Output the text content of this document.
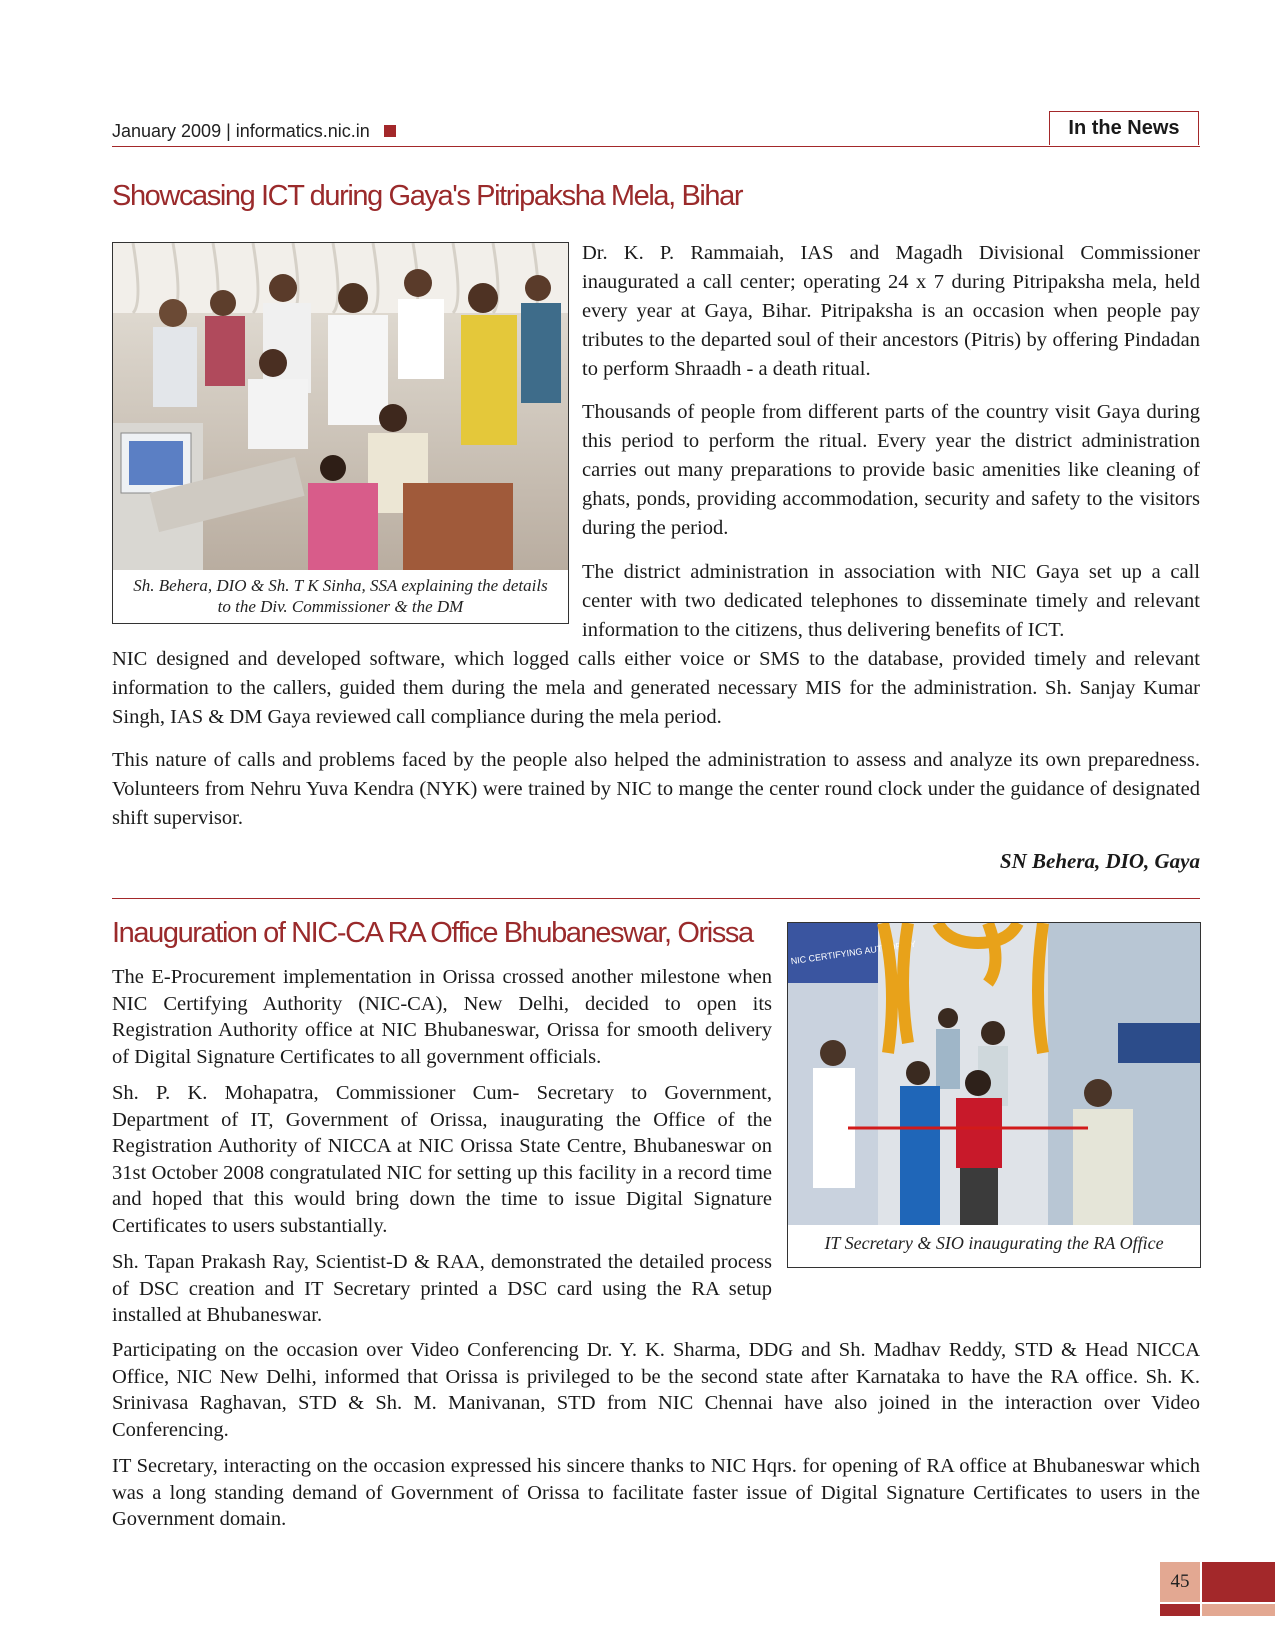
January 2009 | informatics.nic.in	In the News
Showcasing ICT during Gaya's Pitripaksha Mela, Bihar
Sh. Behera, DIO & Sh. T K Sinha, SSA explaining the details to the Div. Commissioner & the DM

Dr. K. P. Rammaiah, IAS and Magadh Divisional Commissioner inaugurated a call center; operating 24 x 7 during Pitripaksha mela, held every year at Gaya, Bihar. Pitripaksha is an occasion when people pay tributes to the departed soul of their ancestors (Pitris) by offering Pindadan to perform Shraadh - a death ritual.

Thousands of people from different parts of the country visit Gaya during this period to perform the ritual. Every year the district administration carries out many preparations to provide basic amenities like cleaning of ghats, ponds, providing accommodation, security and safety to the visitors during the period.

The district administration in association with NIC Gaya set up a call center with two dedicated telephones to disseminate timely and relevant information to the citizens, thus delivering benefits of ICT.

NIC designed and developed software, which logged calls either voice or SMS to the database, provided timely and relevant information to the callers, guided them during the mela and generated necessary MIS for the administration. Sh. Sanjay Kumar Singh, IAS & DM Gaya reviewed call compliance during the mela period.

This nature of calls and problems faced by the people also helped the administration to assess and analyze its own preparedness. Volunteers from Nehru Yuva Kendra (NYK) were trained by NIC to mange the center round clock under the guidance of designated shift supervisor.

SN Behera, DIO, Gaya
Inauguration of NIC-CA RA Office Bhubaneswar, Orissa
NIC CERTIFYING AUTHORITY
IT Secretary & SIO inaugurating the RA Office

The E-Procurement implementation in Orissa crossed another milestone when NIC Certifying Authority (NIC-CA), New Delhi, decided to open its Registration Authority office at NIC Bhubaneswar, Orissa for smooth delivery of Digital Signature Certificates to all government officials.

Sh. P. K. Mohapatra, Commissioner Cum- Secretary to Government, Department of IT, Government of Orissa, inaugurating the Office of the Registration Authority of NICCA at NIC Orissa State Centre, Bhubaneswar on 31st October 2008 congratulated NIC for setting up this facility in a record time and hoped that this would bring down the time to issue Digital Signature Certificates to users substantially.

Sh. Tapan Prakash Ray, Scientist-D & RAA, demonstrated the detailed process of DSC creation and IT Secretary printed a DSC card using the RA setup installed at Bhubaneswar.

Participating on the occasion over Video Conferencing Dr. Y. K. Sharma, DDG and Sh. Madhav Reddy, STD & Head NICCA Office, NIC New Delhi, informed that Orissa is privileged to be the second state after Karnataka to have the RA office. Sh. K. Srinivasa Raghavan, STD & Sh. M. Manivanan, STD from NIC Chennai have also joined in the interaction over Video Conferencing.

IT Secretary, interacting on the occasion expressed his sincere thanks to NIC Hqrs. for opening of RA office at Bhubaneswar which was a long standing demand of Government of Orissa to facilitate faster issue of Digital Signature Certificates to users in the Government domain.

45
